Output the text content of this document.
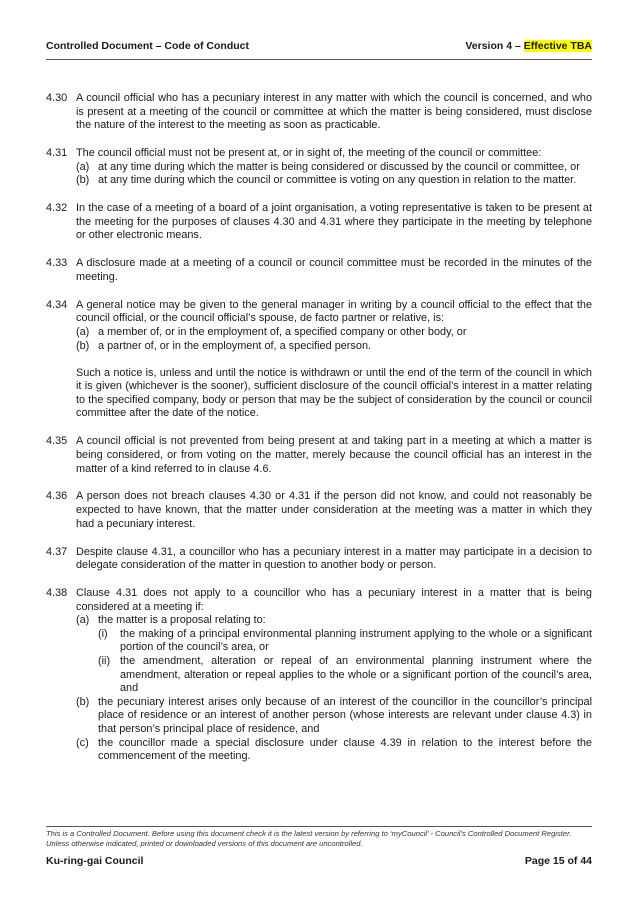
Controlled Document – Code of Conduct	Version 4 – Effective TBA
4.30 A council official who has a pecuniary interest in any matter with which the council is concerned, and who is present at a meeting of the council or committee at which the matter is being considered, must disclose the nature of the interest to the meeting as soon as practicable.
4.31 The council official must not be present at, or in sight of, the meeting of the council or committee:
(a) at any time during which the matter is being considered or discussed by the council or committee, or
(b) at any time during which the council or committee is voting on any question in relation to the matter.
4.32 In the case of a meeting of a board of a joint organisation, a voting representative is taken to be present at the meeting for the purposes of clauses 4.30 and 4.31 where they participate in the meeting by telephone or other electronic means.
4.33 A disclosure made at a meeting of a council or council committee must be recorded in the minutes of the meeting.
4.34 A general notice may be given to the general manager in writing by a council official to the effect that the council official, or the council official’s spouse, de facto partner or relative, is:
(a) a member of, or in the employment of, a specified company or other body, or
(b) a partner of, or in the employment of, a specified person.
Such a notice is, unless and until the notice is withdrawn or until the end of the term of the council in which it is given (whichever is the sooner), sufficient disclosure of the council official’s interest in a matter relating to the specified company, body or person that may be the subject of consideration by the council or council committee after the date of the notice.
4.35 A council official is not prevented from being present at and taking part in a meeting at which a matter is being considered, or from voting on the matter, merely because the council official has an interest in the matter of a kind referred to in clause 4.6.
4.36 A person does not breach clauses 4.30 or 4.31 if the person did not know, and could not reasonably be expected to have known, that the matter under consideration at the meeting was a matter in which they had a pecuniary interest.
4.37 Despite clause 4.31, a councillor who has a pecuniary interest in a matter may participate in a decision to delegate consideration of the matter in question to another body or person.
4.38 Clause 4.31 does not apply to a councillor who has a pecuniary interest in a matter that is being considered at a meeting if:
(a) the matter is a proposal relating to:
(i) the making of a principal environmental planning instrument applying to the whole or a significant portion of the council’s area, or
(ii) the amendment, alteration or repeal of an environmental planning instrument where the amendment, alteration or repeal applies to the whole or a significant portion of the council’s area, and
(b) the pecuniary interest arises only because of an interest of the councillor in the councillor’s principal place of residence or an interest of another person (whose interests are relevant under clause 4.3) in that person’s principal place of residence, and
(c) the councillor made a special disclosure under clause 4.39 in relation to the interest before the commencement of the meeting.
This is a Controlled Document. Before using this document check it is the latest version by referring to ‘myCouncil’ - Council’s Controlled Document Register.
Unless otherwise indicated, printed or downloaded versions of this document are uncontrolled.
Ku-ring-gai Council	Page 15 of 44
